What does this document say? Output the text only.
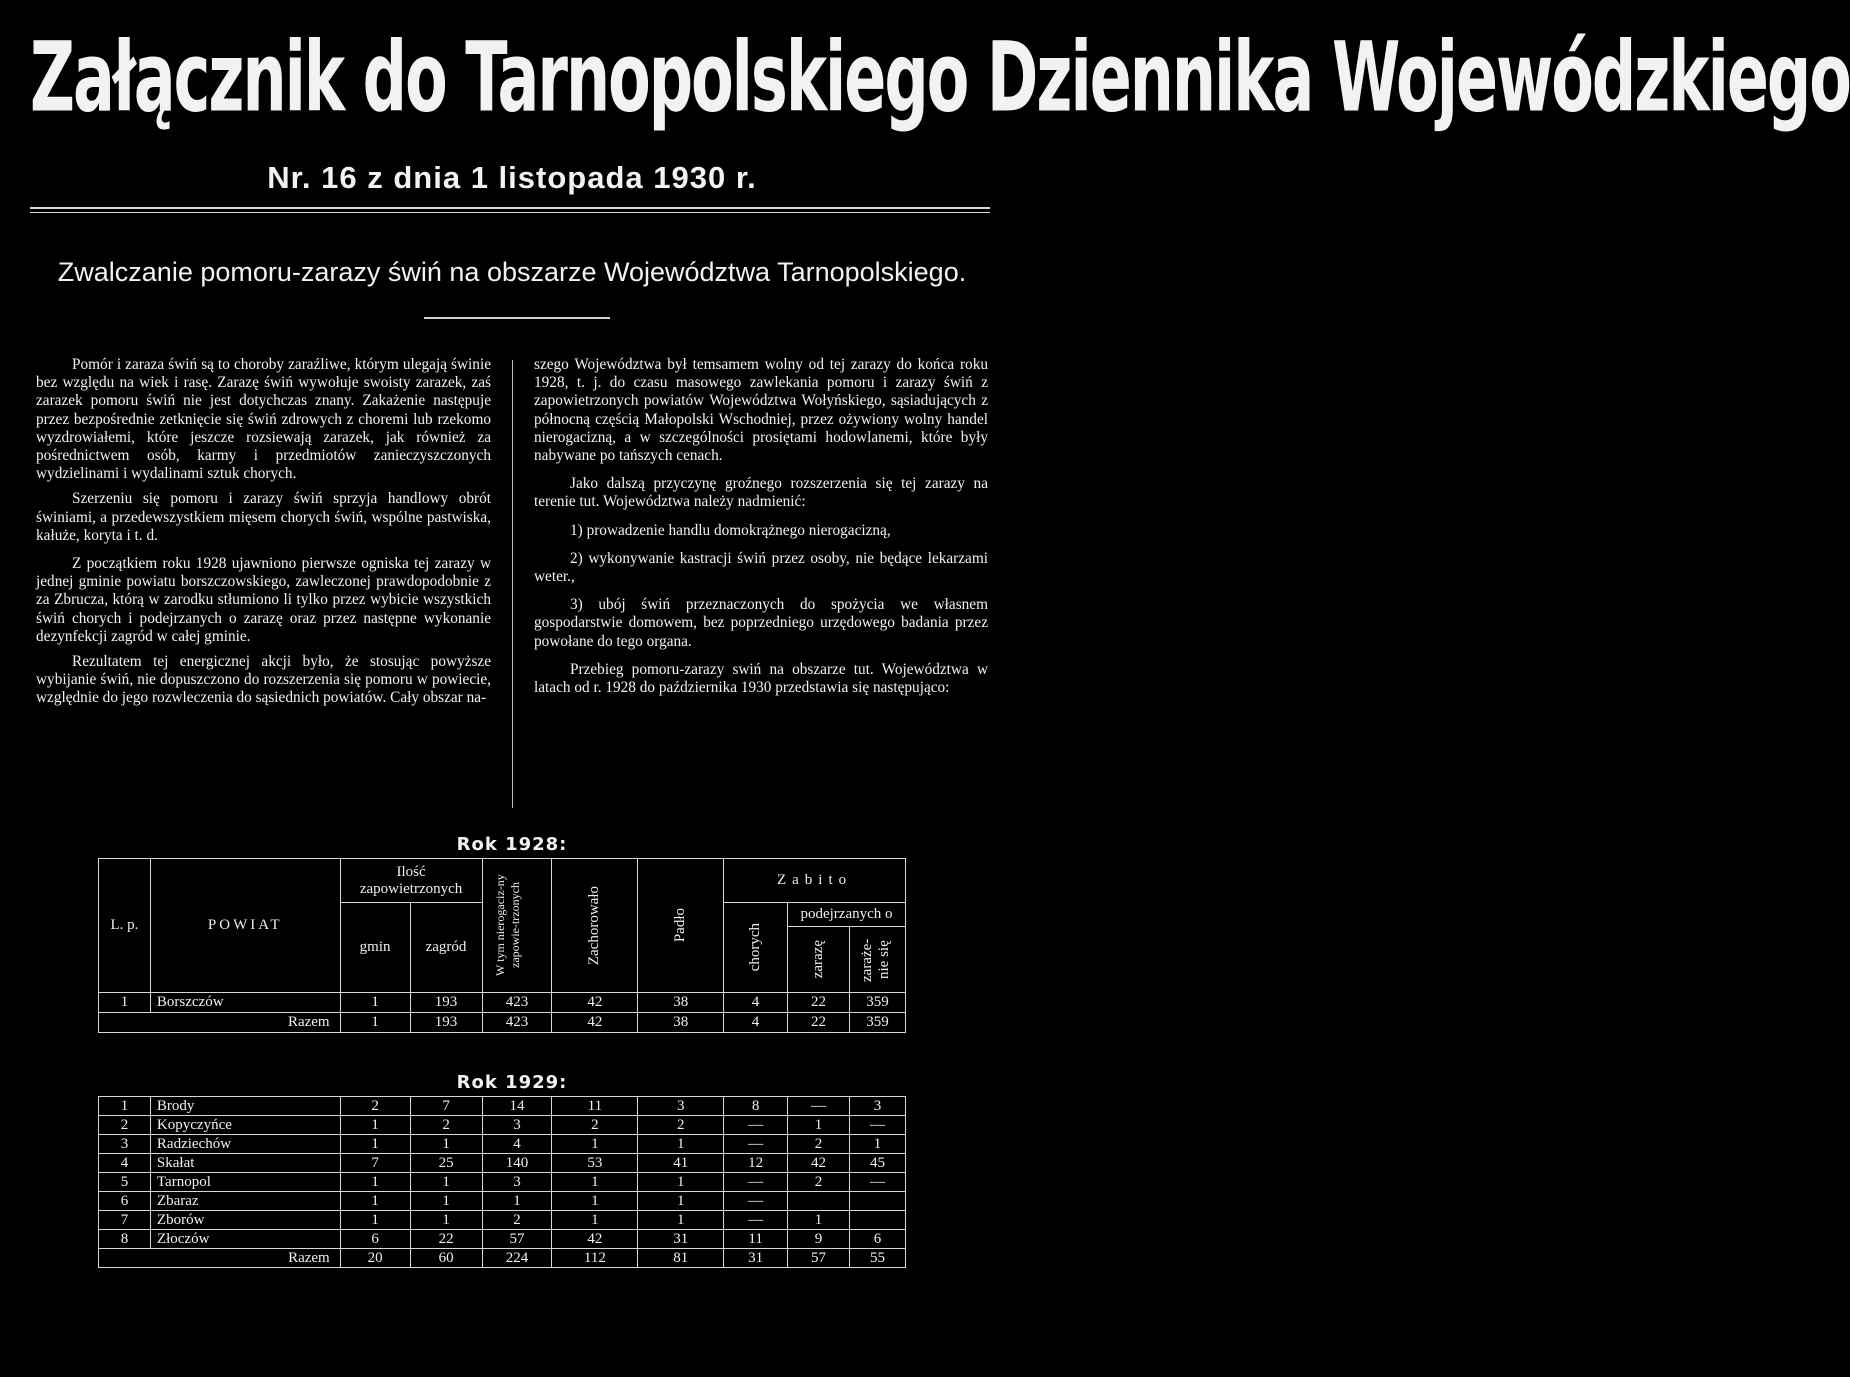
Załącznik do Tarnopolskiego Dziennika Wojewódzkiego
Nr. 16 z dnia 1 listopada 1930 r.
Zwalczanie pomoru-zarazy świń na obszarze Województwa Tarnopolskiego.

Pomór i zaraza świń są to choroby zaraźliwe, którym ulegają świnie bez względu na wiek i rasę. Zarazę świń wywołuje swoisty zarazek, zaś zarazek pomoru świń nie jest dotychczas znany. Zakażenie następuje przez bezpośrednie zetknięcie się świń zdrowych z choremi lub rzekomo wyzdrowiałemi, które jeszcze rozsiewają zarazek, jak również za pośrednictwem osób, karmy i przedmiotów zanieczyszczonych wydzielinami i wydalinami sztuk chorych.

Szerzeniu się pomoru i zarazy świń sprzyja handlowy obrót świniami, a przedewszystkiem mięsem chorych świń, wspólne pastwiska, kałuże, koryta i t. d.

Z początkiem roku 1928 ujawniono pierwsze ogniska tej zarazy w jednej gminie powiatu borszczowskiego, zawleczonej prawdopodobnie z za Zbrucza, którą w zarodku stłumiono li tylko przez wybicie wszystkich świń chorych i podejrzanych o zarazę oraz przez następne wykonanie dezynfekcji zagród w całej gminie.

Rezultatem tej energicznej akcji było, że stosując powyższe wybijanie świń, nie dopuszczono do rozszerzenia się pomoru w powiecie, względnie do jego rozwleczenia do sąsiednich powiatów. Cały obszar na-

szego Województwa był temsamem wolny od tej zarazy do końca roku 1928, t. j. do czasu masowego zawlekania pomoru i zarazy świń z zapowietrzonych powiatów Województwa Wołyńskiego, sąsiadujących z północną częścią Małopolski Wschodniej, przez ożywiony wolny handel nierogacizną, a w szczególności prosiętami hodowlanemi, które były nabywane po tańszych cenach.

Jako dalszą przyczynę groźnego rozszerzenia się tej zarazy na terenie tut. Województwa należy nadmienić:

1) prowadzenie handlu domokrążnego nierogacizną,

2) wykonywanie kastracji świń przez osoby, nie będące lekarzami weter.,

3) ubój świń przeznaczonych do spożycia we własnem gospodarstwie domowem, bez poprzedniego urzędowego badania przez powołane do tego organa.

Przebieg pomoru-zarazy swiń na obszarze tut. Województwa w latach od r. 1928 do października 1930 przedstawia się następująco:

Rok 1928:
L. p.	POWIAT	Ilość zapowietrzonych		W tym nierogaciz-ny zapowie-trzonych	Zachorowało	Padło	Zabito		
		gmin	zagród				chorych	podejrzanych o	

								zarazę	zaraże-nie się

1	Borszczów	1	193	423	42	38	4	22	359
Razem		1	193	423	42	38	4	22	359
Rok 1929:
1	Brody	2	7	14	11	3	8	—	3
2	Kopyczyńce	1	2	3	2	2	—	1	—
3	Radziechów	1	1	4	1	1	—	2	1
4	Skałat	7	25	140	53	41	12	42	45
5	Tarnopol	1	1	3	1	1	—	2	—
6	Zbaraz	1	1	1	1	1	—		
7	Zborów	1	1	2	1	1	—	1	
8	Złoczów	6	22	57	42	31	11	9	6
Razem		20	60	224	112	81	31	57	55
